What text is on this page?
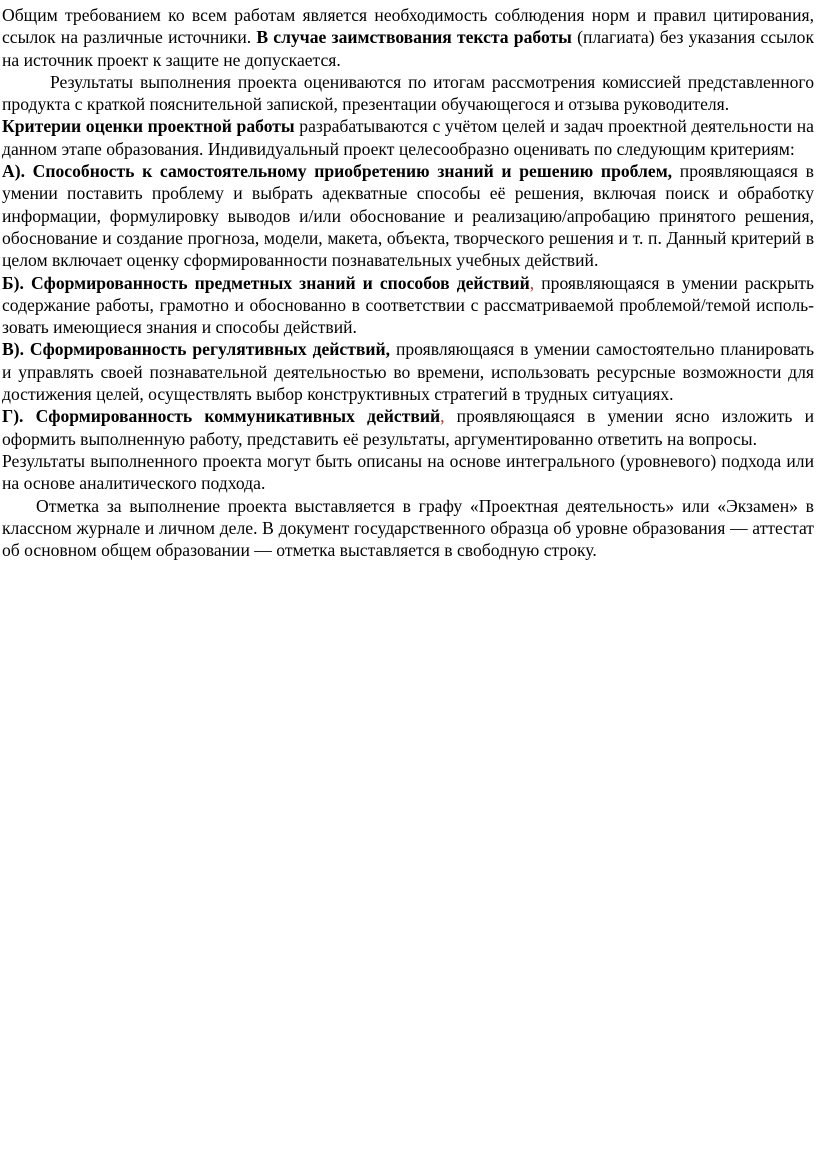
Общим требованием ко всем работам является необходимость соблюдения норм и правил цитирования, ссылок на различные источники. В случае заимствования текста работы (плагиата) без указания ссылок на источник проект к защите не допускается.

Результаты выполнения проекта оцениваются по итогам рассмотрения комиссией представленного продукта с краткой пояснительной запиской, презентации обучающегося и отзыва руководителя.

Критерии оценки проектной работы разрабатываются с учётом целей и задач проектной деятельности на данном этапе образования. Индивидуальный проект целесообразно оценивать по следующим критериям:

А). Способность к самостоятельному приобретению знаний и решению проблем, проявляющаяся в умении поставить проблему и выбрать адекватные способы её решения, включая поиск и обработку информации, формулировку выводов и/или обоснование и реализацию/апробацию принятого решения, обоснование и создание прогноза, модели, макета, объекта, творческого решения и т. п. Данный критерий в целом включает оценку сформированности познавательных учебных действий.

Б). Сформированность предметных знаний и способов действий, проявляющаяся в умении раскрыть содержание работы, грамотно и обоснованно в соответствии с рассматриваемой проблемой/темой исполь-зовать имеющиеся знания и способы действий.

В). Сформированность регулятивных действий, проявляющаяся в умении самостоятельно планировать и управлять своей познавательной деятельностью во времени, использовать ресурсные возможности для достижения целей, осуществлять выбор конструктивных стратегий в трудных ситуациях.

Г). Сформированность коммуникативных действий, проявляющаяся в умении ясно изложить и оформить выполненную работу, представить её результаты, аргументированно ответить на вопросы.

Результаты выполненного проекта могут быть описаны на основе интегрального (уровневого) подхода или на основе аналитического подхода.

Отметка за выполнение проекта выставляется в графу «Проектная деятельность» или «Экзамен» в классном журнале и личном деле. В документ государственного образца об уровне образования — аттестат об основном общем образовании — отметка выставляется в свободную строку.
